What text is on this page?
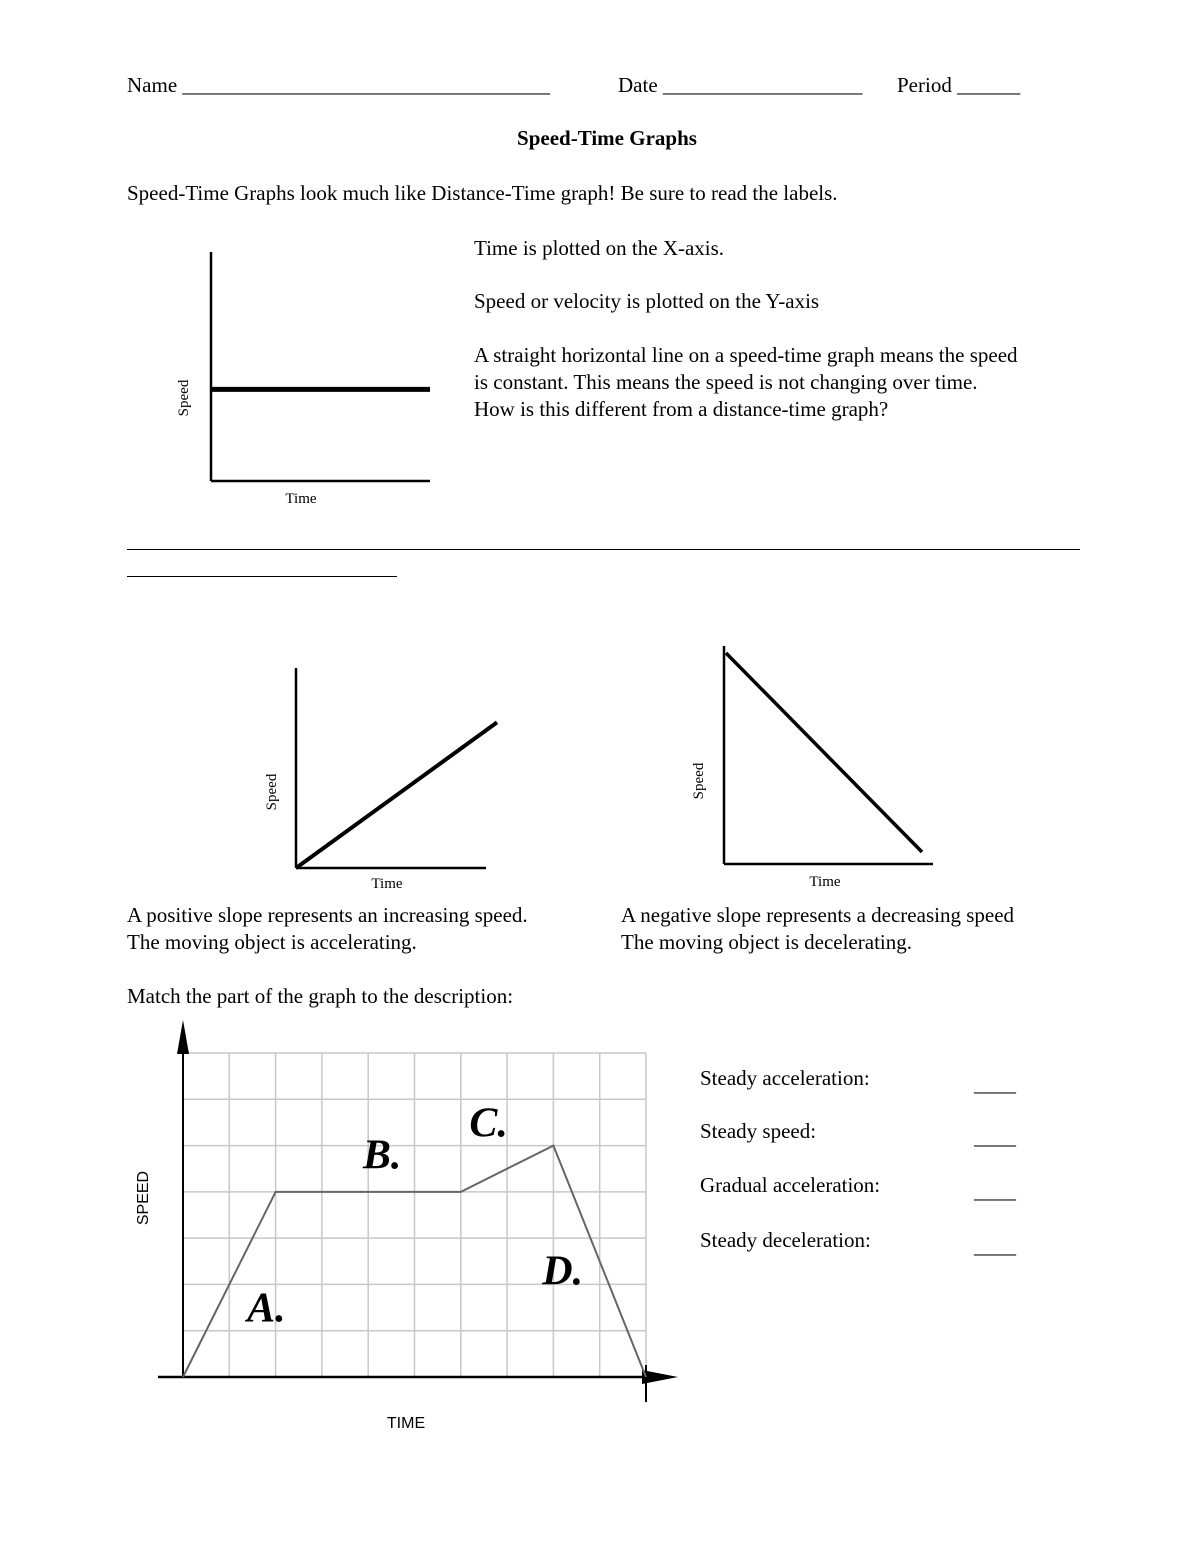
Name ___________________________________	Date ___________________ Period ______
Speed-Time Graphs
Speed-Time Graphs look much like Distance-Time graph! Be sure to read the labels.
Time is plotted on the X-axis.
Speed or velocity is plotted on the Y-axis
A straight horizontal line on a speed-time graph means the speed
is constant. This means the speed is not changing over time.
How is this different from a distance-time graph?
A positive slope represents an increasing speed.
The moving object is accelerating.
A negative slope represents a decreasing speed
The moving object is decelerating.
Match the part of the graph to the description:
Steady acceleration:	____
Steady speed:	____
Gradual acceleration:	____
Steady deceleration:	____
Speed
Time
Speed
Time
Speed
Time
A.
B.
C.
D.
SPEED
TIME
